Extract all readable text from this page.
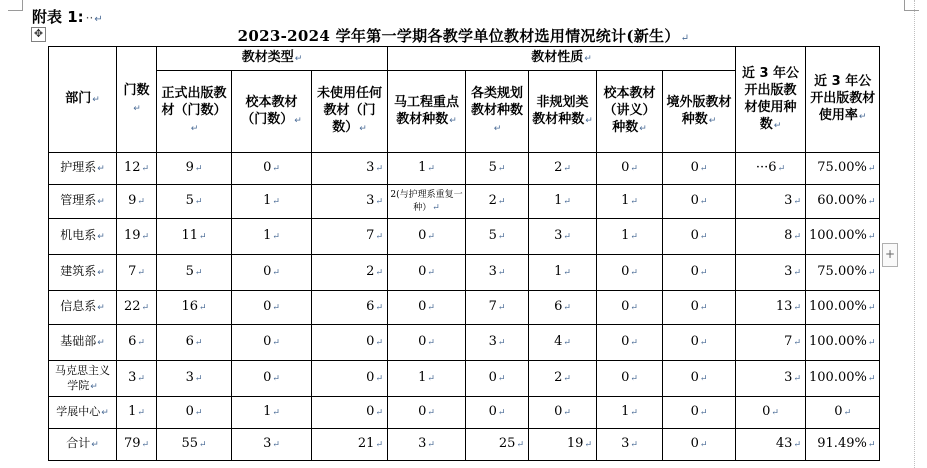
附表 1: ··↵
✥	2023-2024 学年第一学期各教学单位教材选用情况统计(新生）↵
部门↵	门数↵	教材类型↵			教材性质↵					近 3 年公开出版教材使用种数↵	近 3 年公开出版教材使用率↵
		正式出版教材（门数）↵	校本教材（门数）↵	未使用任何教材（门数）↵	马工程重点教材种数↵	各类规划教材种数↵	非规划类教材种数↵	校本教材（讲义）种数↵	境外版教材种数↵		
护理系↵	12↵	9↵	0↵	3↵	1↵	5↵	2↵	0↵	0↵	···6↵	75.00%↵
管理系↵	9↵	5↵	1↵	3↵	2(与护理系重复一种）↵	2↵	1↵	1↵	0↵	3↵	60.00%↵
机电系↵	19↵	11↵	1↵	7↵	0↵	5↵	3↵	1↵	0↵	8↵	100.00%↵
建筑系↵	7↵	5↵	0↵	2↵	0↵	3↵	1↵	0↵	0↵	3↵	75.00%↵
信息系↵	22↵	16↵	0↵	6↵	0↵	7↵	6↵	0↵	0↵	13↵	100.00%↵
基础部↵	6↵	6↵	0↵	0↵	0↵	3↵	4↵	0↵	0↵	7↵	100.00%↵
马克思主义学院↵	3↵	3↵	0↵	0↵	1↵	0↵	2↵	0↵	0↵	3↵	100.00%↵
学展中心↵	1↵	0↵	1↵	0↵	0↵	0↵	0↵	1↵	0↵	0↵	0↵
合计↵	79↵	55↵	3↵	21↵	3↵	25↵	19↵	3↵	0↵	43↵	91.49%↵
+
